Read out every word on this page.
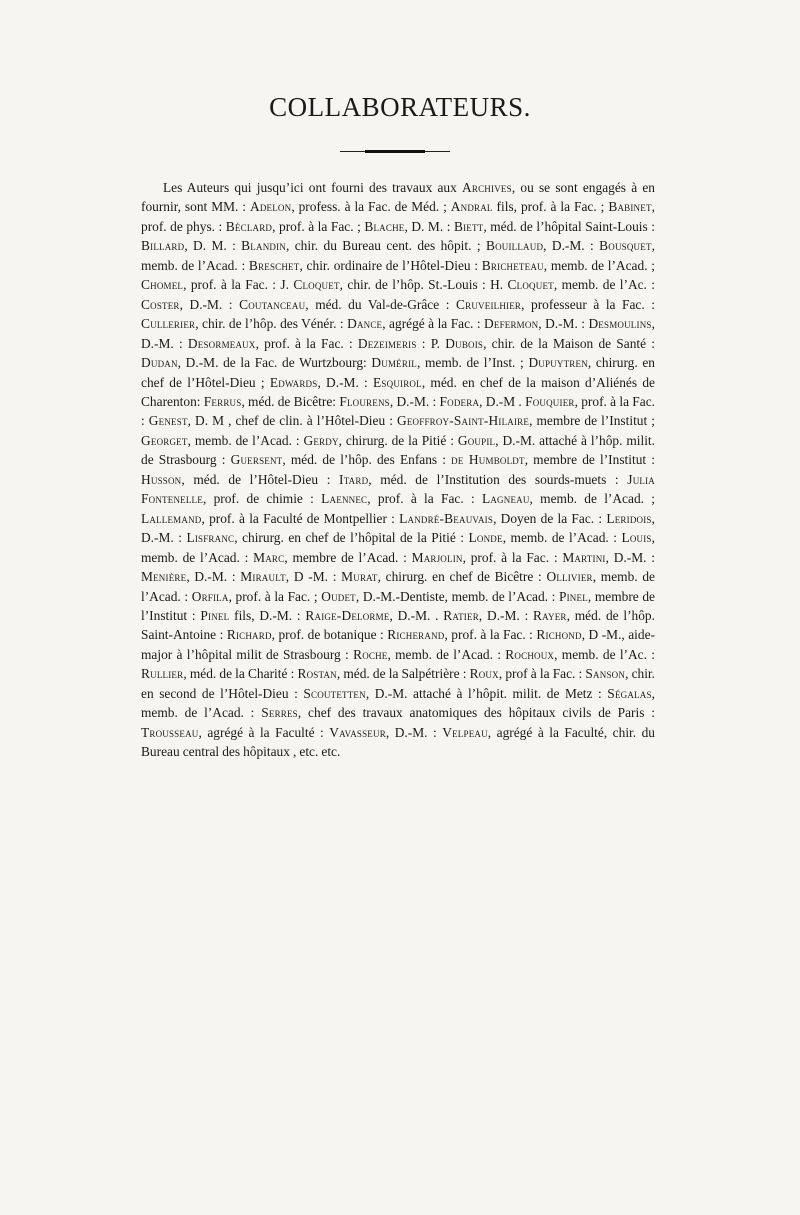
COLLABORATEURS.

Les Auteurs qui jusqu’ici ont fourni des travaux aux Archives, ou se sont engagés à en fournir, sont MM. : Adelon, profess. à la Fac. de Méd. ; Andral fils, prof. à la Fac. ; Babinet, prof. de phys. : Béclard, prof. à la Fac. ; Blache, D. M. : Biett, méd. de l’hôpital Saint-Louis : Billard, D. M. : Blandin, chir. du Bureau cent. des hôpit. ; Bouillaud, D.-M. : Bousquet, memb. de l’Acad. : Breschet, chir. ordinaire de l’Hôtel-Dieu : Bricheteau, memb. de l’Acad. ; Chomel, prof. à la Fac. : J. Cloquet, chir. de l’hôp. St.-Louis : H. Cloquet, memb. de l’Ac. : Coster, D.-M. : Coutanceau, méd. du Val-de-Grâce : Cruveilhier, professeur à la Fac. : Cullerier, chir. de l’hôp. des Vénér. : Dance, agrégé à la Fac. : Defermon, D.-M. : Desmoulins, D.-M. : Desormeaux, prof. à la Fac. : Dezeimeris : P. Dubois, chir. de la Maison de Santé : Dudan, D.-M. de la Fac. de Wurtzbourg: Duméril, memb. de l’Inst. ; Dupuytren, chirurg. en chef de l’Hôtel-Dieu ; Edwards, D.-M. : Esquirol, méd. en chef de la maison d’Aliénés de Charenton: Ferrus, méd. de Bicêtre: Flourens, D.-M. : Fodera, D.-M . Fouquier, prof. à la Fac. : Genest, D. M , chef de clin. à l’Hôtel-Dieu : Geoffroy-Saint-Hilaire, membre de l’Institut ; Georget, memb. de l’Acad. : Gerdy, chirurg. de la Pitié : Goupil, D.-M. attaché à l’hôp. milit. de Strasbourg : Guersent, méd. de l’hôp. des Enfans : de Humboldt, membre de l’Institut : Husson, méd. de l’Hôtel-Dieu : Itard, méd. de l’Institution des sourds-muets : Julia Fontenelle, prof. de chimie : Laennec, prof. à la Fac. : Lagneau, memb. de l’Acad. ; Lallemand, prof. à la Faculté de Montpellier : Landré-Beauvais, Doyen de la Fac. : Leridois, D.-M. : Lisfranc, chirurg. en chef de l’hôpital de la Pitié : Londe, memb. de l’Acad. : Louis, memb. de l’Acad. : Marc, membre de l’Acad. : Marjolin, prof. à la Fac. : Martini, D.-M. : Menière, D.-M. : Mirault, D -M. : Murat, chirurg. en chef de Bicêtre : Ollivier, memb. de l’Acad. : Orfila, prof. à la Fac. ; Oudet, D.-M.-Dentiste, memb. de l’Acad. : Pinel, membre de l’Institut : Pinel fils, D.-M. : Raige-Delorme, D.-M. . Ratier, D.-M. : Rayer, méd. de l’hôp. Saint-Antoine : Richard, prof. de botanique : Richerand, prof. à la Fac. : Richond, D -M., aide-major à l’hôpital milit de Strasbourg : Roche, memb. de l’Acad. : Rochoux, memb. de l’Ac. : Rullier, méd. de la Charité : Rostan, méd. de la Salpétrière : Roux, prof à la Fac. : Sanson, chir. en second de l’Hôtel-Dieu : Scoutetten, D.-M. attaché à l’hôpit. milit. de Metz : Ségalas, memb. de l’Acad. : Serres, chef des travaux anatomiques des hôpitaux civils de Paris : Trousseau, agrégé à la Faculté : Vavasseur, D.-M. : Velpeau, agrégé à la Faculté, chir. du Bureau central des hôpitaux , etc. etc.
